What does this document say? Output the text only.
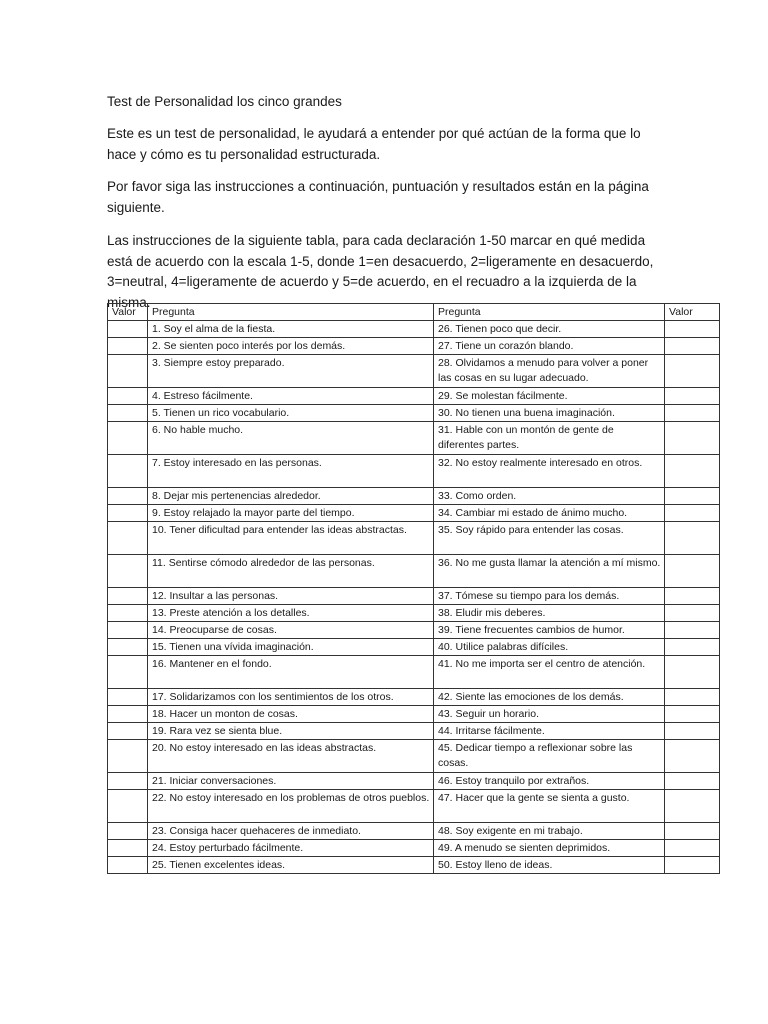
Test de Personalidad los cinco grandes
Este es un test de personalidad, le ayudará a entender por qué actúan de la forma que lo hace y cómo es tu personalidad estructurada.
Por favor siga las instrucciones a continuación, puntuación y resultados están en la página siguiente.
Las instrucciones de la siguiente tabla, para cada declaración 1-50 marcar en qué medida está de acuerdo con la escala 1-5, donde 1=en desacuerdo, 2=ligeramente en desacuerdo, 3=neutral, 4=ligeramente de acuerdo y 5=de acuerdo, en el recuadro a la izquierda de la misma.
Valor	Pregunta	Pregunta	Valor
	1. Soy el alma de la fiesta.	26. Tienen poco que decir.	
	2. Se sienten poco interés por los demás.	27. Tiene un corazón blando.	
	3. Siempre estoy preparado.	28. Olvidamos a menudo para volver a poner las cosas en su lugar adecuado.	
	4. Estreso fácilmente.	29. Se molestan fácilmente.	
	5. Tienen un rico vocabulario.	30. No tienen una buena imaginación.	
	6. No hable mucho.	31. Hable con un montón de gente de diferentes partes.	
	7. Estoy interesado en las personas.	32. No estoy realmente interesado en otros.	
	8. Dejar mis pertenencias alrededor.	33. Como orden.	
	9. Estoy relajado la mayor parte del tiempo.	34. Cambiar mi estado de ánimo mucho.	
	10. Tener dificultad para entender las ideas abstractas.	35. Soy rápido para entender las cosas.	
	11. Sentirse cómodo alrededor de las personas.	36. No me gusta llamar la atención a mí mismo.	
	12. Insultar a las personas.	37. Tómese su tiempo para los demás.	
	13. Preste atención a los detalles.	38. Eludir mis deberes.	
	14. Preocuparse de cosas.	39. Tiene frecuentes cambios de humor.	
	15. Tienen una vívida imaginación.	40. Utilice palabras difíciles.	
	16. Mantener en el fondo.	41. No me importa ser el centro de atención.	
	17. Solidarizamos con los sentimientos de los otros.	42. Siente las emociones de los demás.	
	18. Hacer un monton de cosas.	43. Seguir un horario.	
	19. Rara vez se sienta blue.	44. Irritarse fácilmente.	
	20. No estoy interesado en las ideas abstractas.	45. Dedicar tiempo a reflexionar sobre las cosas.	
	21. Iniciar conversaciones.	46. Estoy tranquilo por extraños.	
	22. No estoy interesado en los problemas de otros pueblos.	47. Hacer que la gente se sienta a gusto.	
	23. Consiga hacer quehaceres de inmediato.	48. Soy exigente en mi trabajo.	
	24. Estoy perturbado fácilmente.	49. A menudo se sienten deprimidos.	
	25. Tienen excelentes ideas.	50. Estoy lleno de ideas.	
